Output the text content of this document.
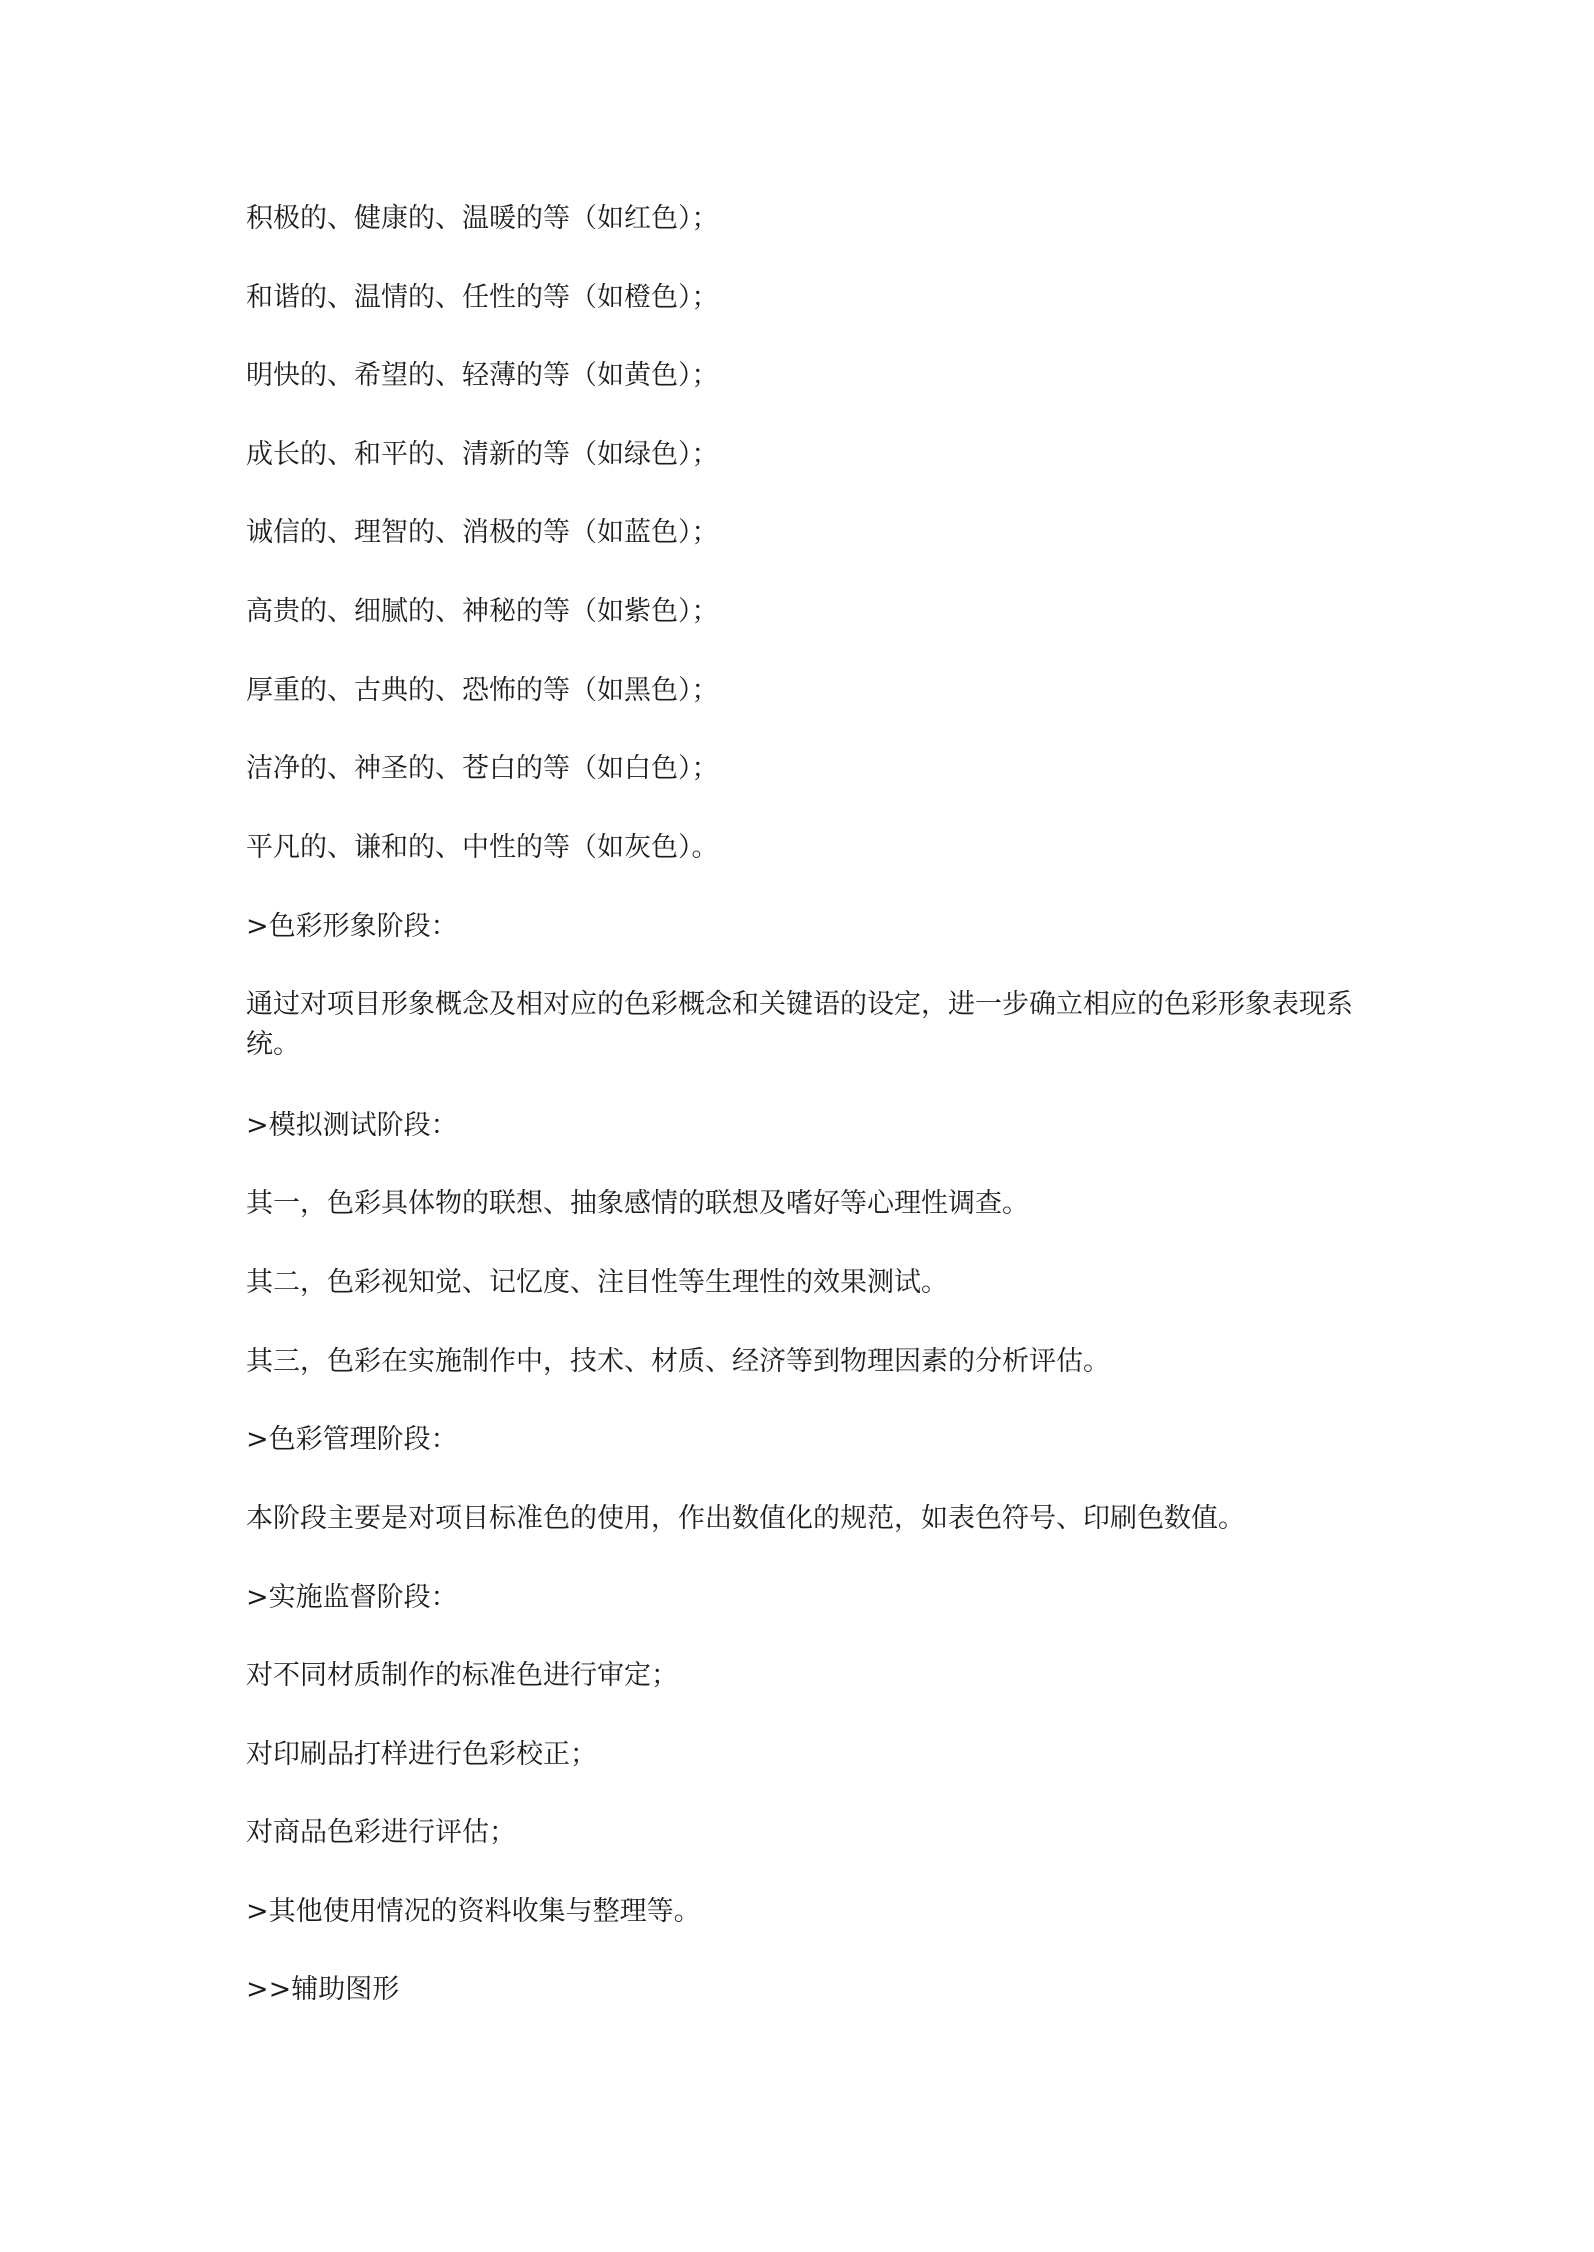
积极的、健康的、温暖的等（如红色）；
和谐的、温情的、任性的等（如橙色）；
明快的、希望的、轻薄的等（如黄色）；
成长的、和平的、清新的等（如绿色）；
诚信的、理智的、消极的等（如蓝色）；
高贵的、细腻的、神秘的等（如紫色）；
厚重的、古典的、恐怖的等（如黑色）；
洁净的、神圣的、苍白的等（如白色）；
平凡的、谦和的、中性的等（如灰色）。
>色彩形象阶段：
通过对项目形象概念及相对应的色彩概念和关键语的设定，进一步确立相应的色彩形象表现系统。
>模拟测试阶段：
其一，色彩具体物的联想、抽象感情的联想及嗜好等心理性调查。
其二，色彩视知觉、记忆度、注目性等生理性的效果测试。
其三，色彩在实施制作中，技术、材质、经济等到物理因素的分析评估。
>色彩管理阶段：
本阶段主要是对项目标准色的使用，作出数值化的规范，如表色符号、印刷色数值。
>实施监督阶段：
对不同材质制作的标准色进行审定；
对印刷品打样进行色彩校正；
对商品色彩进行评估；
>其他使用情况的资料收集与整理等。
>>辅助图形
